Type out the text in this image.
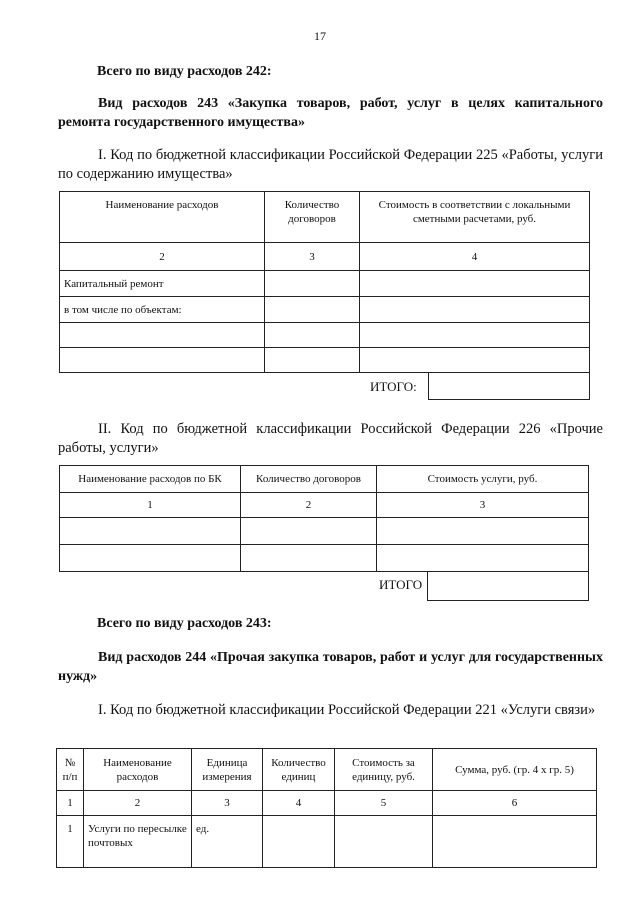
17
Всего по виду расходов 242:
Вид расходов 243 «Закупка товаров, работ, услуг в целях капитального ремонта государственного имущества»
I. Код по бюджетной классификации Российской Федерации 225 «Работы, услуги по содержанию имущества»
Наименование расходов	Количество договоров	Стоимость в соответствии с локальными сметными расчетами, руб.
2	3	4
Капитальный ремонт		
в том числе по объектам:		

ИТОГО:
II. Код по бюджетной классификации Российской Федерации 226 «Прочие работы, услуги»
Наименование расходов по БК	Количество договоров	Стоимость услуги, руб.
1	2	3

ИТОГО
Всего по виду расходов 243:
Вид расходов 244 «Прочая закупка товаров, работ и услуг для государственных нужд»
I. Код по бюджетной классификации Российской Федерации 221 «Услуги связи»
№ п/п	Наименование расходов	Единица измерения	Количество единиц	Стоимость за единицу, руб.	Сумма, руб. (гр. 4 х гр. 5)
1	2	3	4	5	6
1	Услуги по пересылке почтовых	ед.			
